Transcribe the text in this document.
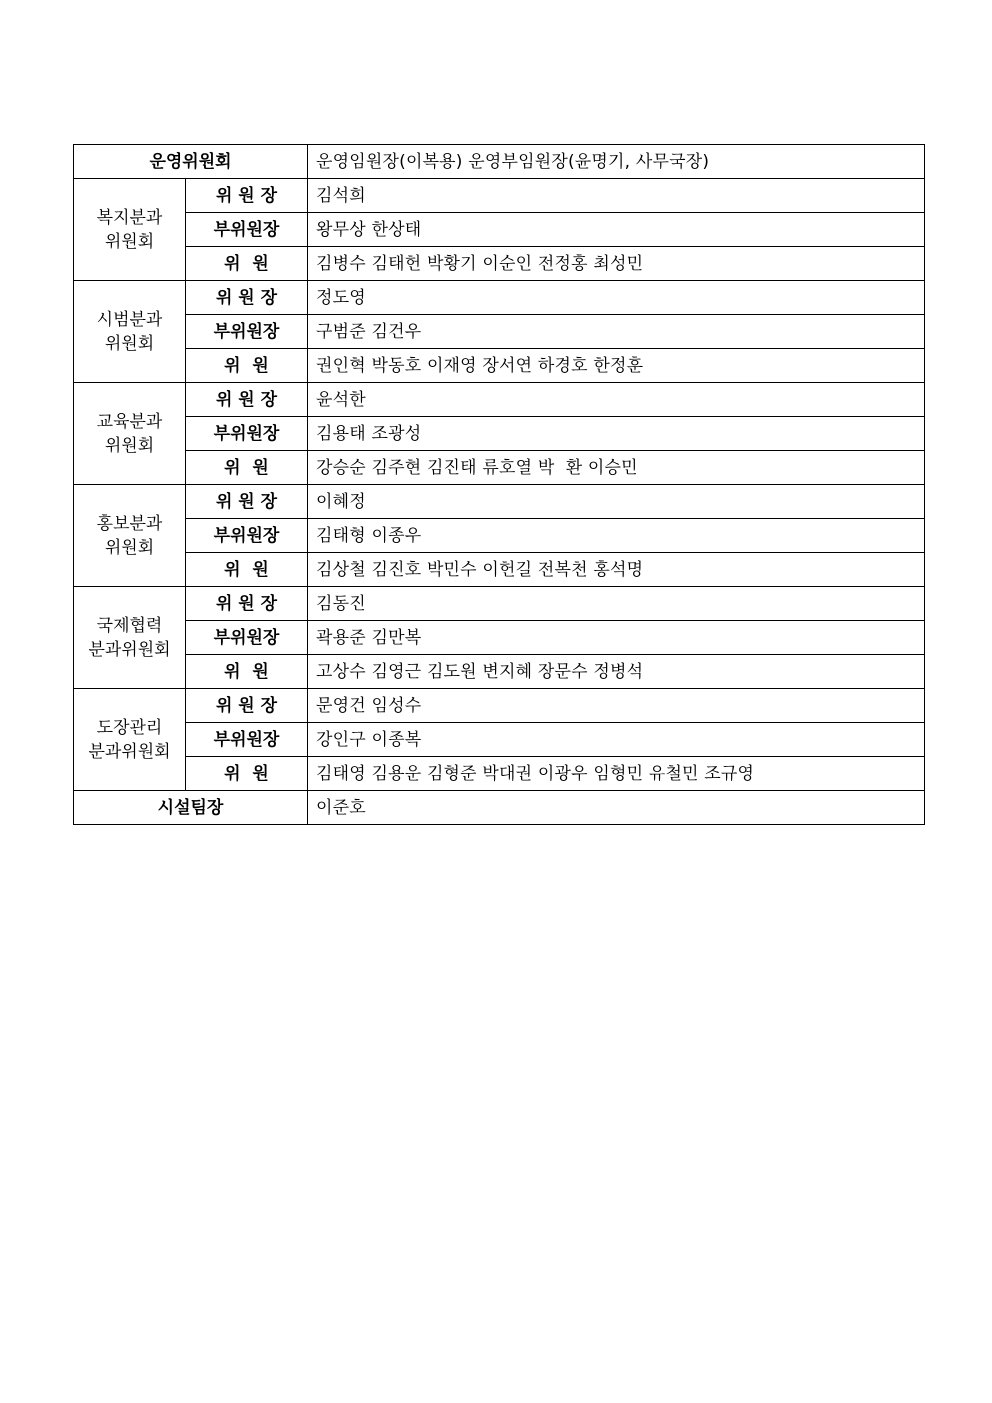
운영위원회		운영임원장(이복용) 운영부임원장(윤명기, 사무국장)

복지분과
위원회	위 원 장	김석희
	부위원장	왕무상 한상태
	위  원	김병수 김태헌 박황기 이순인 전정홍 최성민

시범분과
위원회	위 원 장	정도영
	부위원장	구범준 김건우
	위  원	권인혁 박동호 이재영 장서연 하경호 한정훈

교육분과
위원회	위 원 장	윤석한
	부위원장	김용태 조광성
	위  원	강승순 김주현 김진태 류호열 박  환 이승민

홍보분과
위원회	위 원 장	이혜정
	부위원장	김태형 이종우
	위  원	김상철 김진호 박민수 이헌길 전복천 홍석명

국제협력
분과위원회	위 원 장	김동진
	부위원장	곽용준 김만복
	위  원	고상수 김영근 김도원 변지혜 장문수 정병석

도장관리
분과위원회	위 원 장	문영건 임성수
	부위원장	강인구 이종복
	위  원	김태영 김용운 김형준 박대권 이광우 임형민 유철민 조규영
시설팀장		이준호
